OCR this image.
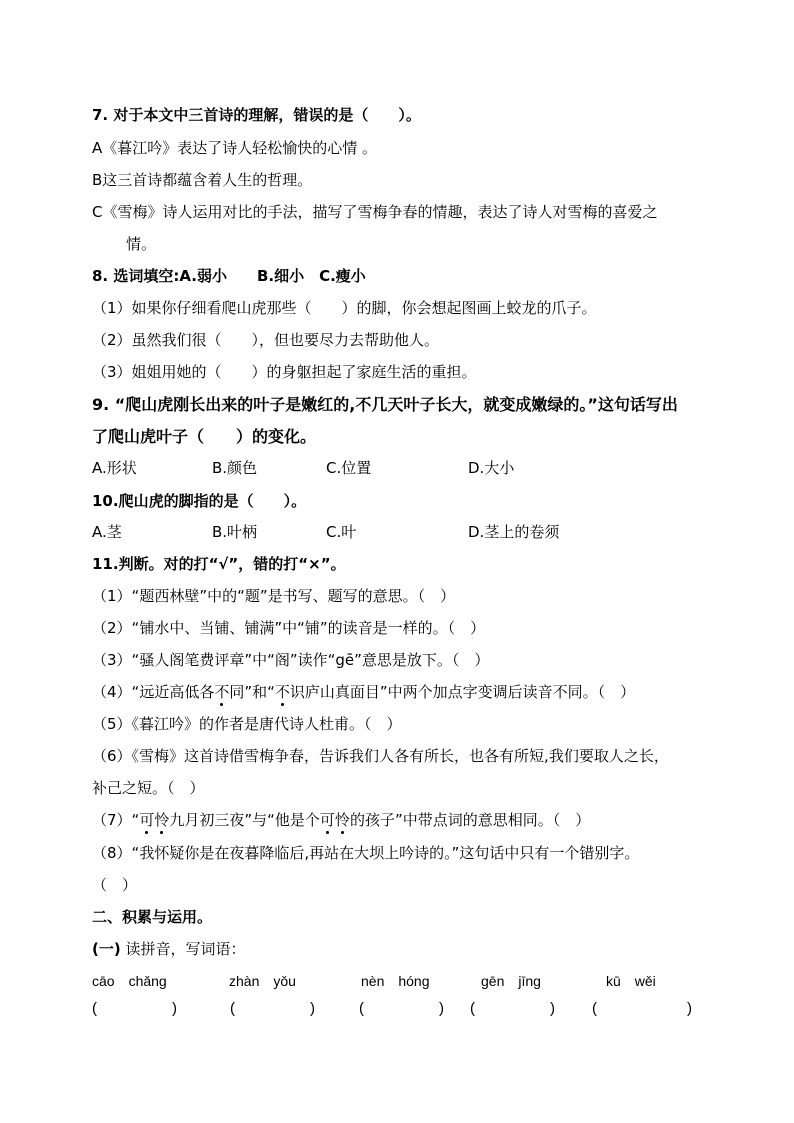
7. 对于本文中三首诗的理解，错误的是（　　）。
A《暮江吟》表达了诗人轻松愉快的心情 。
B这三首诗都蕴含着人生的哲理。
C《雪梅》诗人运用对比的手法，描写了雪梅争春的情趣，表达了诗人对雪梅的喜爱之
情。
8. 选词填空:A.弱小　　B.细小　C.瘦小
（1）如果你仔细看爬山虎那些（　　）的脚，你会想起图画上蛟龙的爪子。
（2）虽然我们很（　　），但也要尽力去帮助他人。
（3）姐姐用她的（　　）的身躯担起了家庭生活的重担。
9. “爬山虎刚长出来的叶子是嫩红的,不几天叶子长大，就变成嫩绿的。”这句话写出
了爬山虎叶子（　　）的变化。
A.形状	B.颜色	C.位置	D.大小
10.爬山虎的脚指的是（　　）。
A.茎	B.叶柄	C.叶	D.茎上的卷须
11.判断。对的打“√”，错的打“×”。
（1）“题西林壁”中的“题”是书写、题写的意思。（　）
（2）“铺水中、当铺、铺满”中“铺”的读音是一样的。（　）
（3）“骚人阁笔费评章”中“阁”读作“gē”意思是放下。（　）
（4）“远近高低各不同”和“不识庐山真面目”中两个加点字变调后读音不同。（　）
（5）《暮江吟》的作者是唐代诗人杜甫。（　）
（6）《雪梅》这首诗借雪梅争春，告诉我们人各有所长，也各有所短,我们要取人之长，
补己之短。（　）
（7）“可怜九月初三夜”与“他是个可怜的孩子”中带点词的意思相同。（　）
（8）“我怀疑你是在夜暮降临后,再站在大坝上吟诗的。”这句话中只有一个错别字。
（　）
二、积累与运用。
(一) 读拼音，写词语：
cāo　chǎng	zhàn　yǒu	nèn　hóng	gēn　jīng	kū　wěi
(　　　　　)	(　　　　　)	(　　　　　) (　　　　　) (　　　　　　)
